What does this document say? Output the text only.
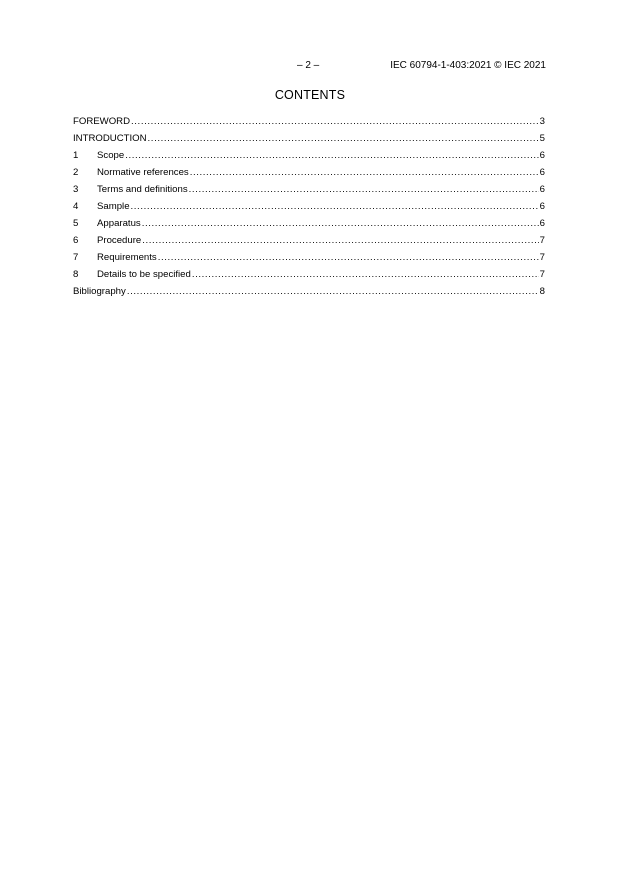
– 2 –	IEC 60794-1-403:2021 © IEC 2021
CONTENTS
FOREWORD .....	3
INTRODUCTION .....	5
1	Scope .....	6
2	Normative references .....	6
3	Terms and definitions .....	6
4	Sample .....	6
5	Apparatus .....	6
6	Procedure .....	7
7	Requirements .....	7
8	Details to be specified .....	7
Bibliography .....	8
